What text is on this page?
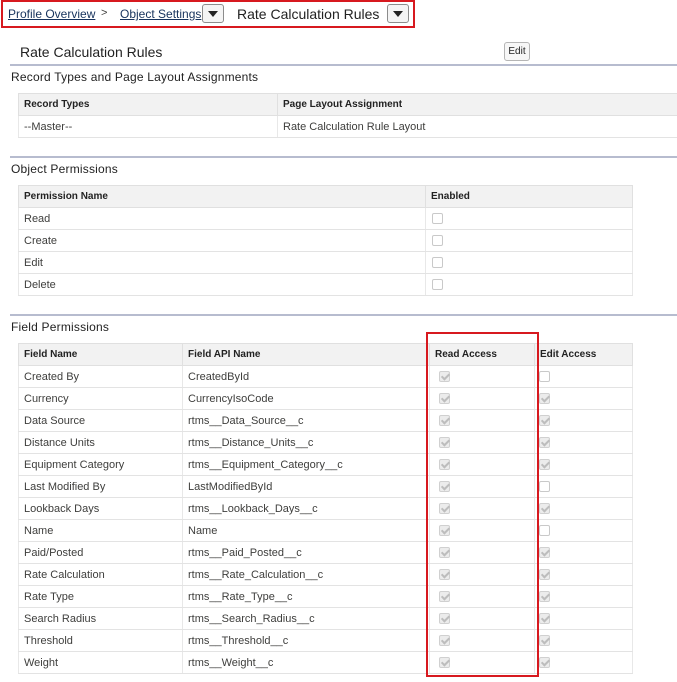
Profile Overview > Object Settings	Rate Calculation Rules
Rate Calculation Rules	Edit
Record Types and Page Layout Assignments
Record Types	Page Layout Assignment
--Master--	Rate Calculation Rule Layout
Object Permissions
Permission Name	Enabled
Read	
Create	
Edit	
Delete	
Field Permissions
Field Name	Field API Name	Read Access	Edit Access
Created By	CreatedById		
Currency	CurrencyIsoCode		
Data Source	rtms__Data_Source__c		
Distance Units	rtms__Distance_Units__c		
Equipment Category	rtms__Equipment_Category__c		
Last Modified By	LastModifiedById		
Lookback Days	rtms__Lookback_Days__c		
Name	Name		
Paid/Posted	rtms__Paid_Posted__c		
Rate Calculation	rtms__Rate_Calculation__c		
Rate Type	rtms__Rate_Type__c		
Search Radius	rtms__Search_Radius__c		
Threshold	rtms__Threshold__c		
Weight	rtms__Weight__c		
